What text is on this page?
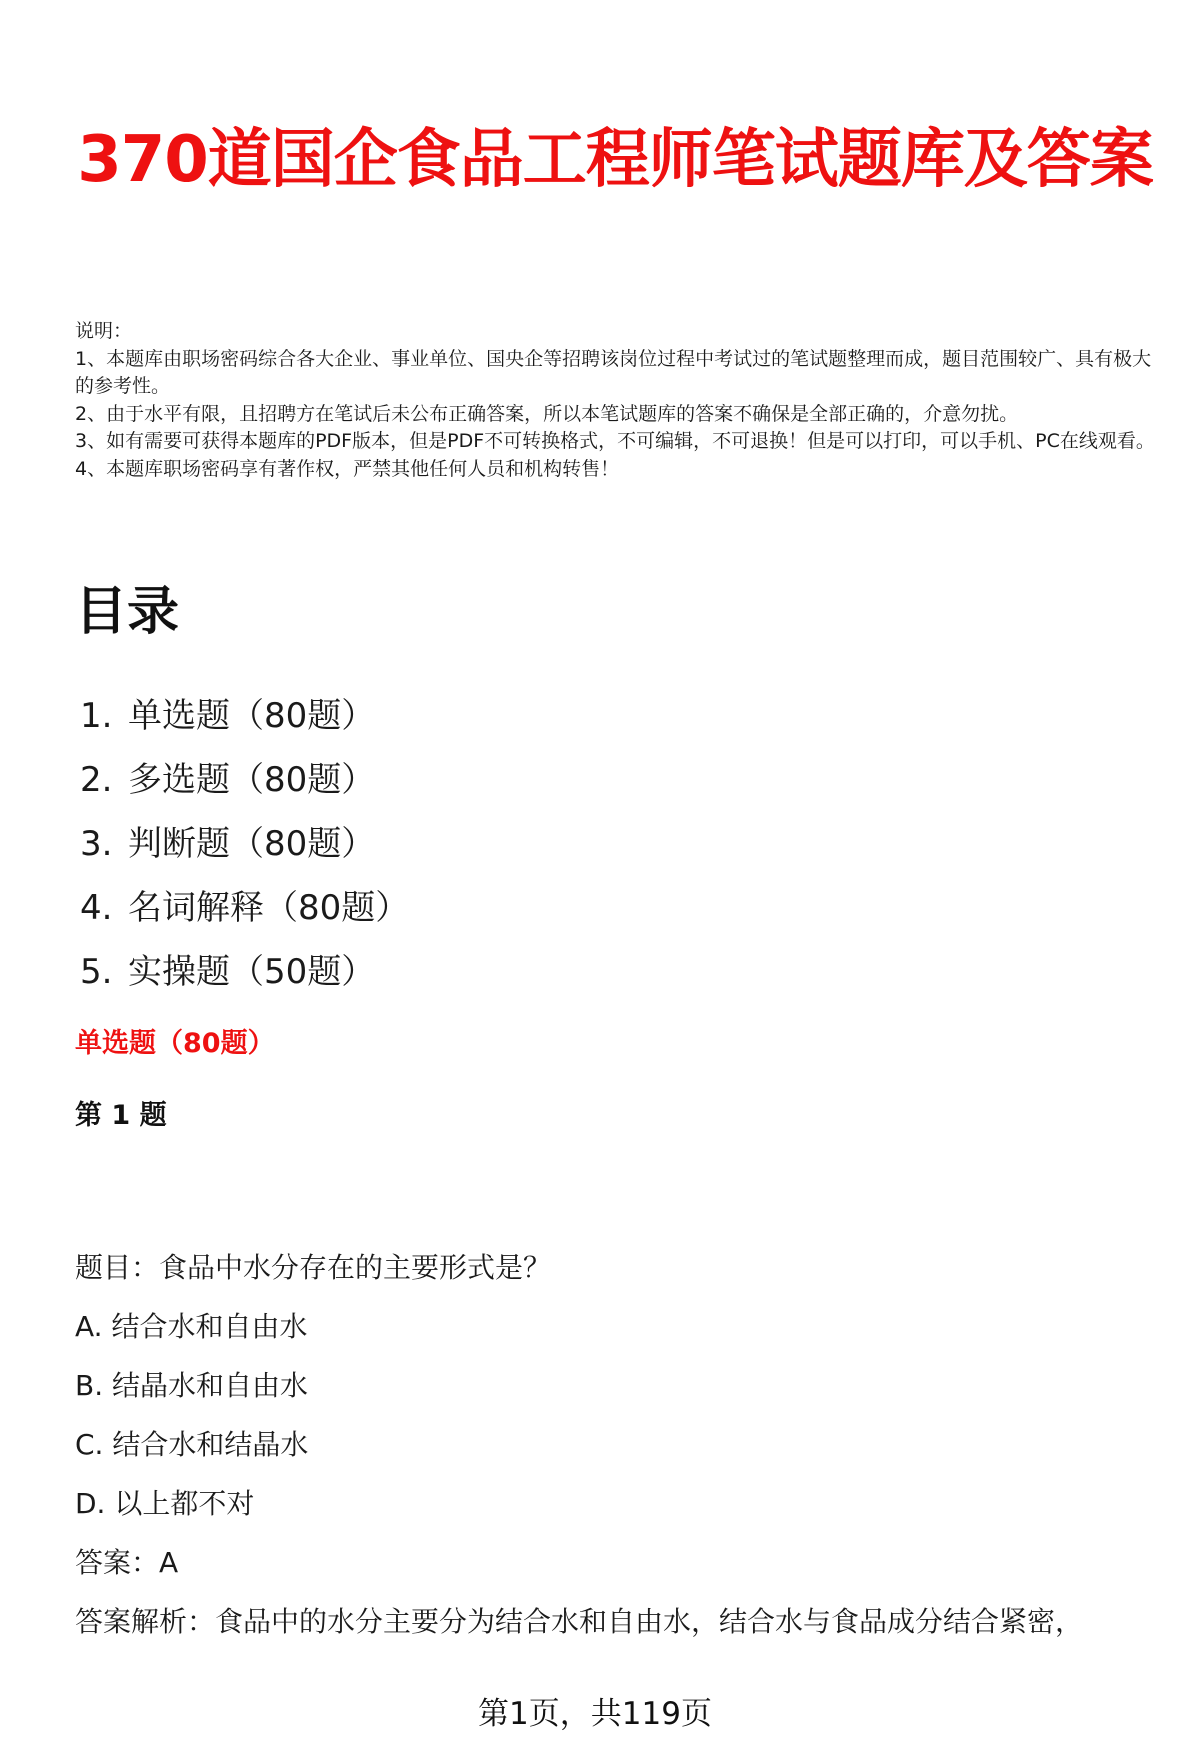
370道国企食品工程师笔试题库及答案
说明：
1、本题库由职场密码综合各大企业、事业单位、国央企等招聘该岗位过程中考试过的笔试题整理而成，题目范围较广、具有极大的参考性。
2、由于水平有限，且招聘方在笔试后未公布正确答案，所以本笔试题库的答案不确保是全部正确的，介意勿扰。
3、如有需要可获得本题库的PDF版本，但是PDF不可转换格式，不可编辑，不可退换！但是可以打印，可以手机、PC在线观看。
4、本题库职场密码享有著作权，严禁其他任何人员和机构转售！
目录
1. 单选题（80题）
2. 多选题（80题）
3. 判断题（80题）
4. 名词解释（80题）
5. 实操题（50题）
单选题（80题）
第 1 题
题目：食品中水分存在的主要形式是？
A. 结合水和自由水
B. 结晶水和自由水
C. 结合水和结晶水
D. 以上都不对
答案：A
答案解析：食品中的水分主要分为结合水和自由水，结合水与食品成分结合紧密，
第1页，共119页
